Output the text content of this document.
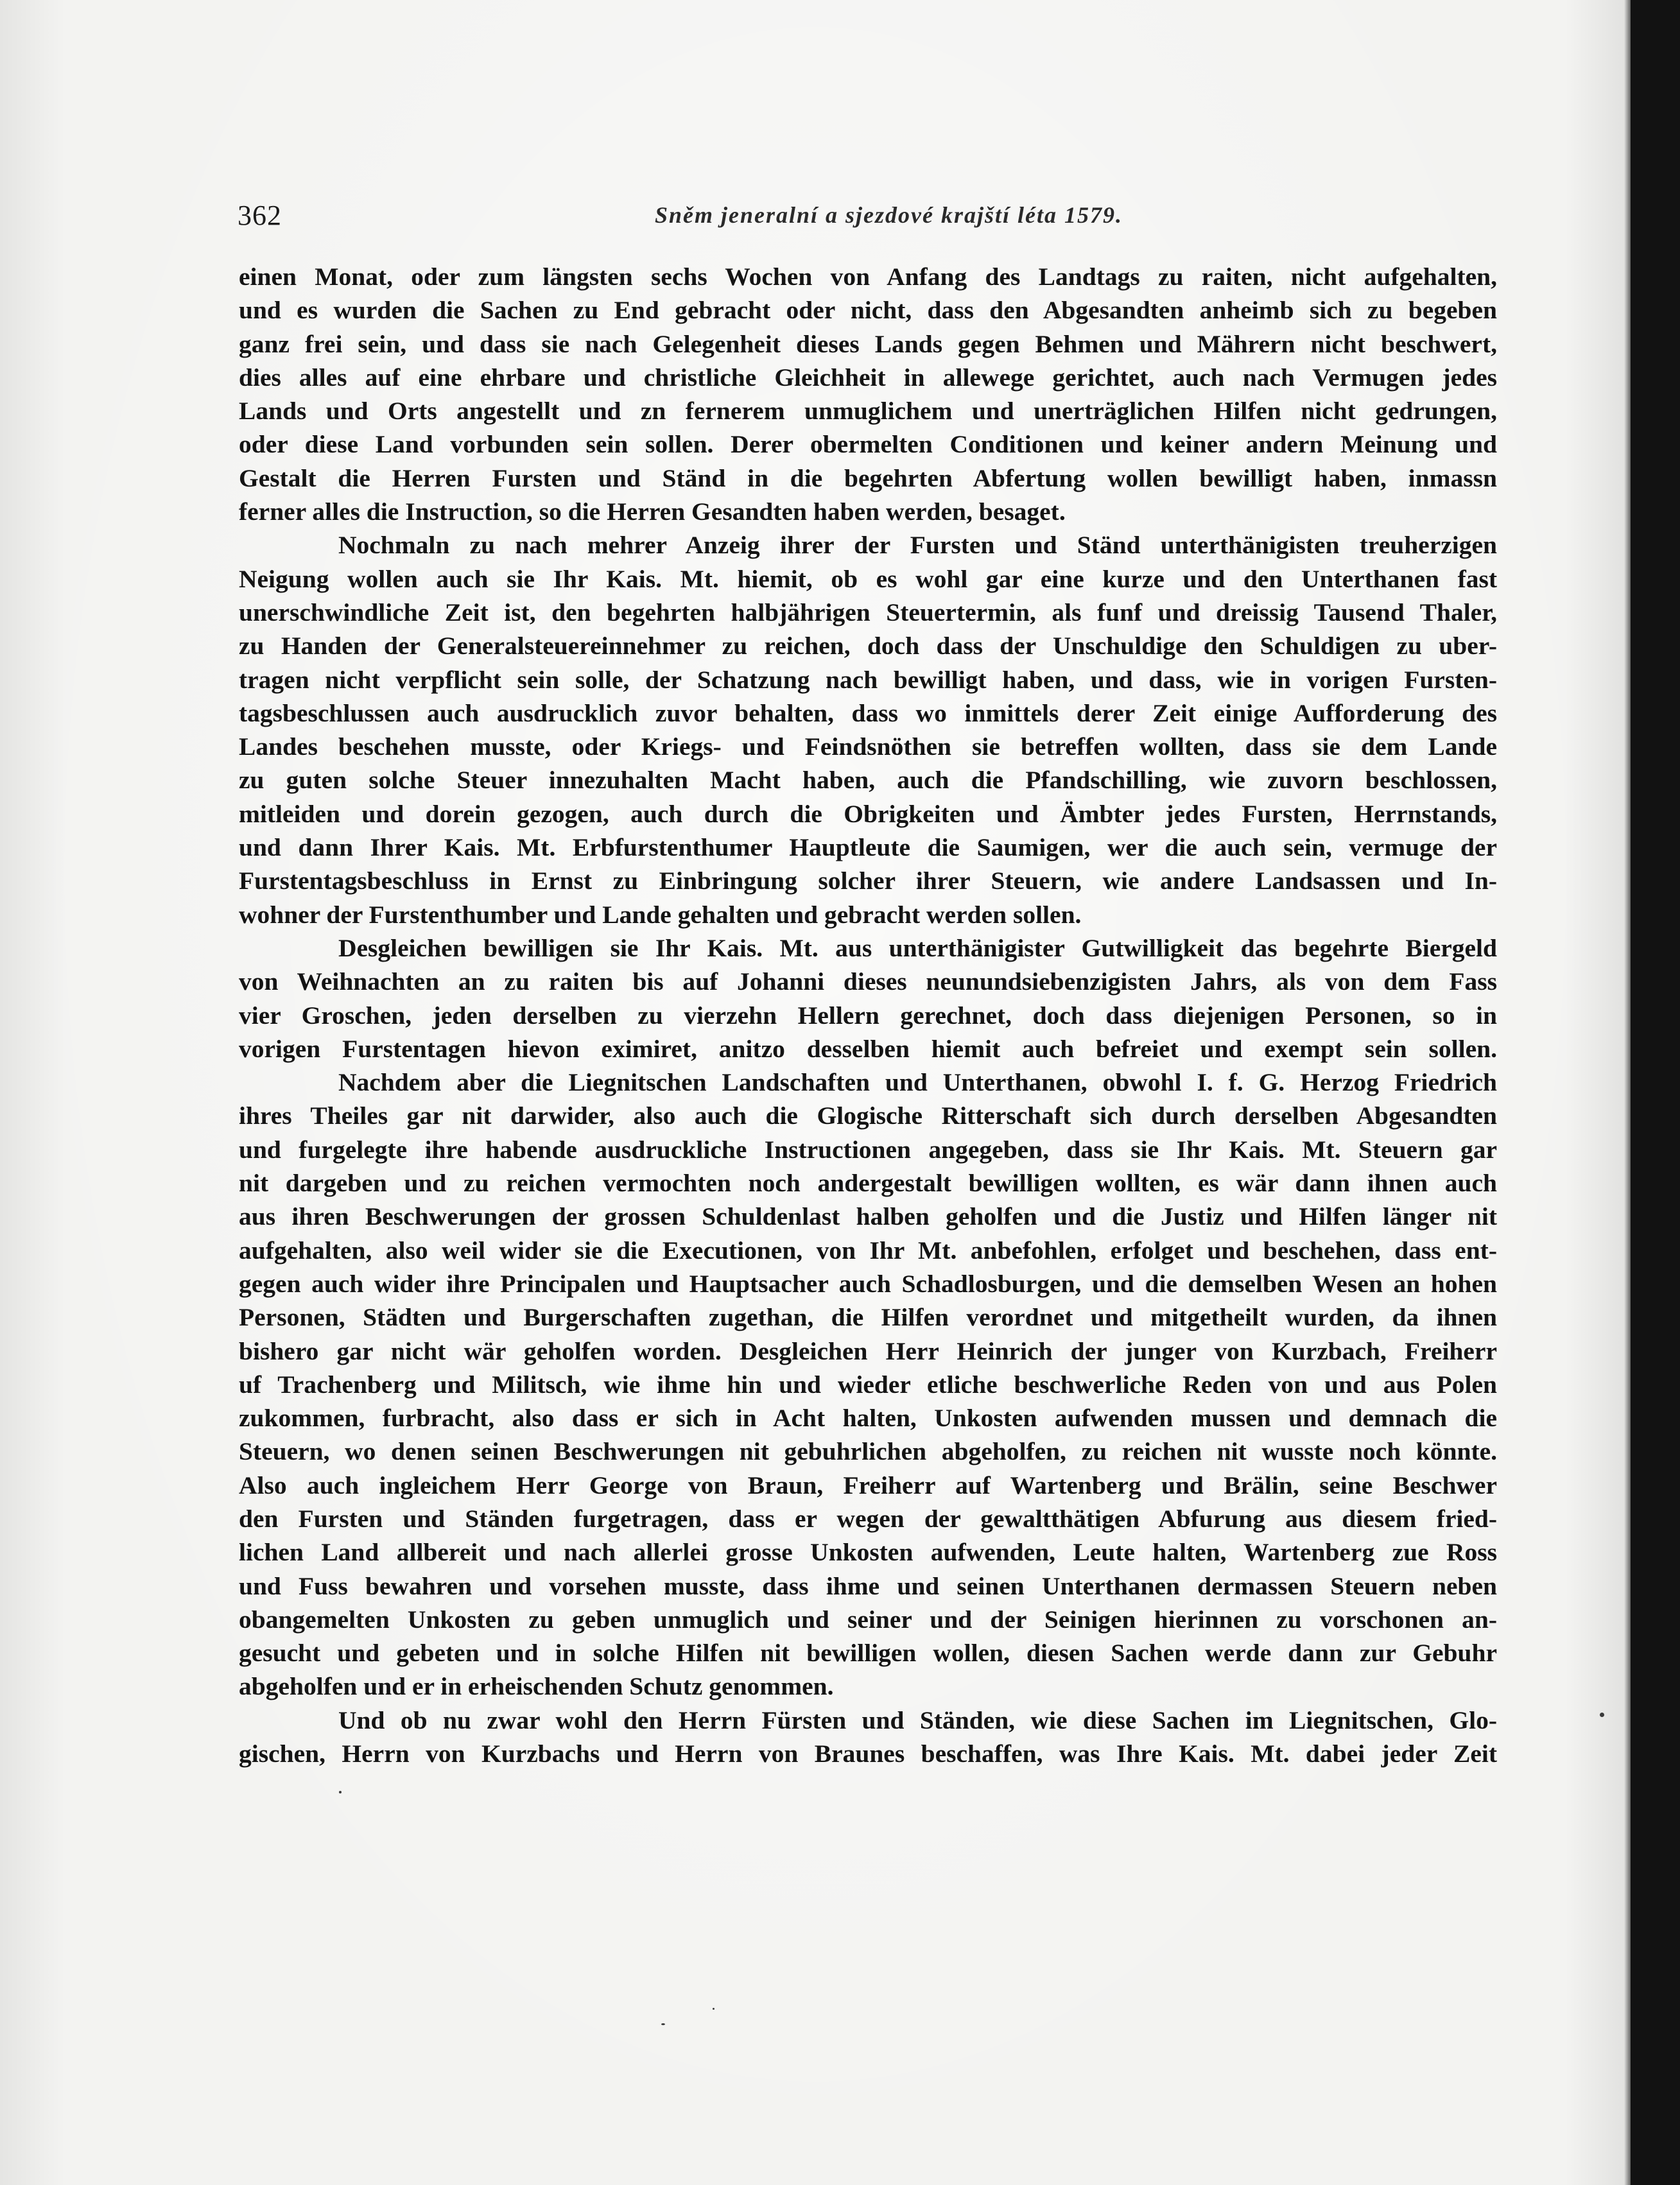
362	Sněm jeneralní a sjezdové krajští léta 1579.
einen Monat, oder zum längsten sechs Wochen von Anfang des Landtags zu raiten, nicht aufgehalten,
und es wurden die Sachen zu End gebracht oder nicht, dass den Abgesandten anheimb sich zu begeben
ganz frei sein, und dass sie nach Gelegenheit dieses Lands gegen Behmen und Mährern nicht beschwert,
dies alles auf eine ehrbare und christliche Gleichheit in allewege gerichtet, auch nach Vermugen jedes
Lands und Orts angestellt und zn fernerem unmuglichem und unerträglichen Hilfen nicht gedrungen,
oder diese Land vorbunden sein sollen. Derer obermelten Conditionen und keiner andern Meinung und
Gestalt die Herren Fursten und Ständ in die begehrten Abfertung wollen bewilligt haben, inmassn
ferner alles die Instruction, so die Herren Gesandten haben werden, besaget.
Nochmaln zu nach mehrer Anzeig ihrer der Fursten und Ständ unterthänigisten treuherzigen
Neigung wollen auch sie Ihr Kais. Mt. hiemit, ob es wohl gar eine kurze und den Unterthanen fast
unerschwindliche Zeit ist, den begehrten halbjährigen Steuertermin, als funf und dreissig Tausend Thaler,
zu Handen der Generalsteuereinnehmer zu reichen, doch dass der Unschuldige den Schuldigen zu uber-
tragen nicht verpflicht sein solle, der Schatzung nach bewilligt haben, und dass, wie in vorigen Fursten-
tagsbeschlussen auch ausdrucklich zuvor behalten, dass wo inmittels derer Zeit einige Aufforderung des
Landes beschehen musste, oder Kriegs- und Feindsnöthen sie betreffen wollten, dass sie dem Lande
zu guten solche Steuer innezuhalten Macht haben, auch die Pfandschilling, wie zuvorn beschlossen,
mitleiden und dorein gezogen, auch durch die Obrigkeiten und Ämbter jedes Fursten, Herrnstands,
und dann Ihrer Kais. Mt. Erbfurstenthumer Hauptleute die Saumigen, wer die auch sein, vermuge der
Furstentagsbeschluss in Ernst zu Einbringung solcher ihrer Steuern, wie andere Landsassen und In-
wohner der Furstenthumber und Lande gehalten und gebracht werden sollen.
Desgleichen bewilligen sie Ihr Kais. Mt. aus unterthänigister Gutwilligkeit das begehrte Biergeld
von Weihnachten an zu raiten bis auf Johanni dieses neunundsiebenzigisten Jahrs, als von dem Fass
vier Groschen, jeden derselben zu vierzehn Hellern gerechnet, doch dass diejenigen Personen, so in
vorigen Furstentagen hievon eximiret, anitzo desselben hiemit auch befreiet und exempt sein sollen.
Nachdem aber die Liegnitschen Landschaften und Unterthanen, obwohl I. f. G. Herzog Friedrich
ihres Theiles gar nit darwider, also auch die Glogische Ritterschaft sich durch derselben Abgesandten
und furgelegte ihre habende ausdruckliche Instructionen angegeben, dass sie Ihr Kais. Mt. Steuern gar
nit dargeben und zu reichen vermochten noch andergestalt bewilligen wollten, es wär dann ihnen auch
aus ihren Beschwerungen der grossen Schuldenlast halben geholfen und die Justiz und Hilfen länger nit
aufgehalten, also weil wider sie die Executionen, von Ihr Mt. anbefohlen, erfolget und beschehen, dass ent-
gegen auch wider ihre Principalen und Hauptsacher auch Schadlosburgen, und die demselben Wesen an hohen
Personen, Städten und Burgerschaften zugethan, die Hilfen verordnet und mitgetheilt wurden, da ihnen
bishero gar nicht wär geholfen worden. Desgleichen Herr Heinrich der junger von Kurzbach, Freiherr
uf Trachenberg und Militsch, wie ihme hin und wieder etliche beschwerliche Reden von und aus Polen
zukommen, furbracht, also dass er sich in Acht halten, Unkosten aufwenden mussen und demnach die
Steuern, wo denen seinen Beschwerungen nit gebuhrlichen abgeholfen, zu reichen nit wusste noch könnte.
Also auch ingleichem Herr George von Braun, Freiherr auf Wartenberg und Brälin, seine Beschwer
den Fursten und Ständen furgetragen, dass er wegen der gewaltthätigen Abfurung aus diesem fried-
lichen Land allbereit und nach allerlei grosse Unkosten aufwenden, Leute halten, Wartenberg zue Ross
und Fuss bewahren und vorsehen musste, dass ihme und seinen Unterthanen dermassen Steuern neben
obangemelten Unkosten zu geben unmuglich und seiner und der Seinigen hierinnen zu vorschonen an-
gesucht und gebeten und in solche Hilfen nit bewilligen wollen, diesen Sachen werde dann zur Gebuhr
abgeholfen und er in erheischenden Schutz genommen.
Und ob nu zwar wohl den Herrn Fürsten und Ständen, wie diese Sachen im Liegnitschen, Glo-
gischen, Herrn von Kurzbachs und Herrn von Braunes beschaffen, was Ihre Kais. Mt. dabei jeder Zeit
